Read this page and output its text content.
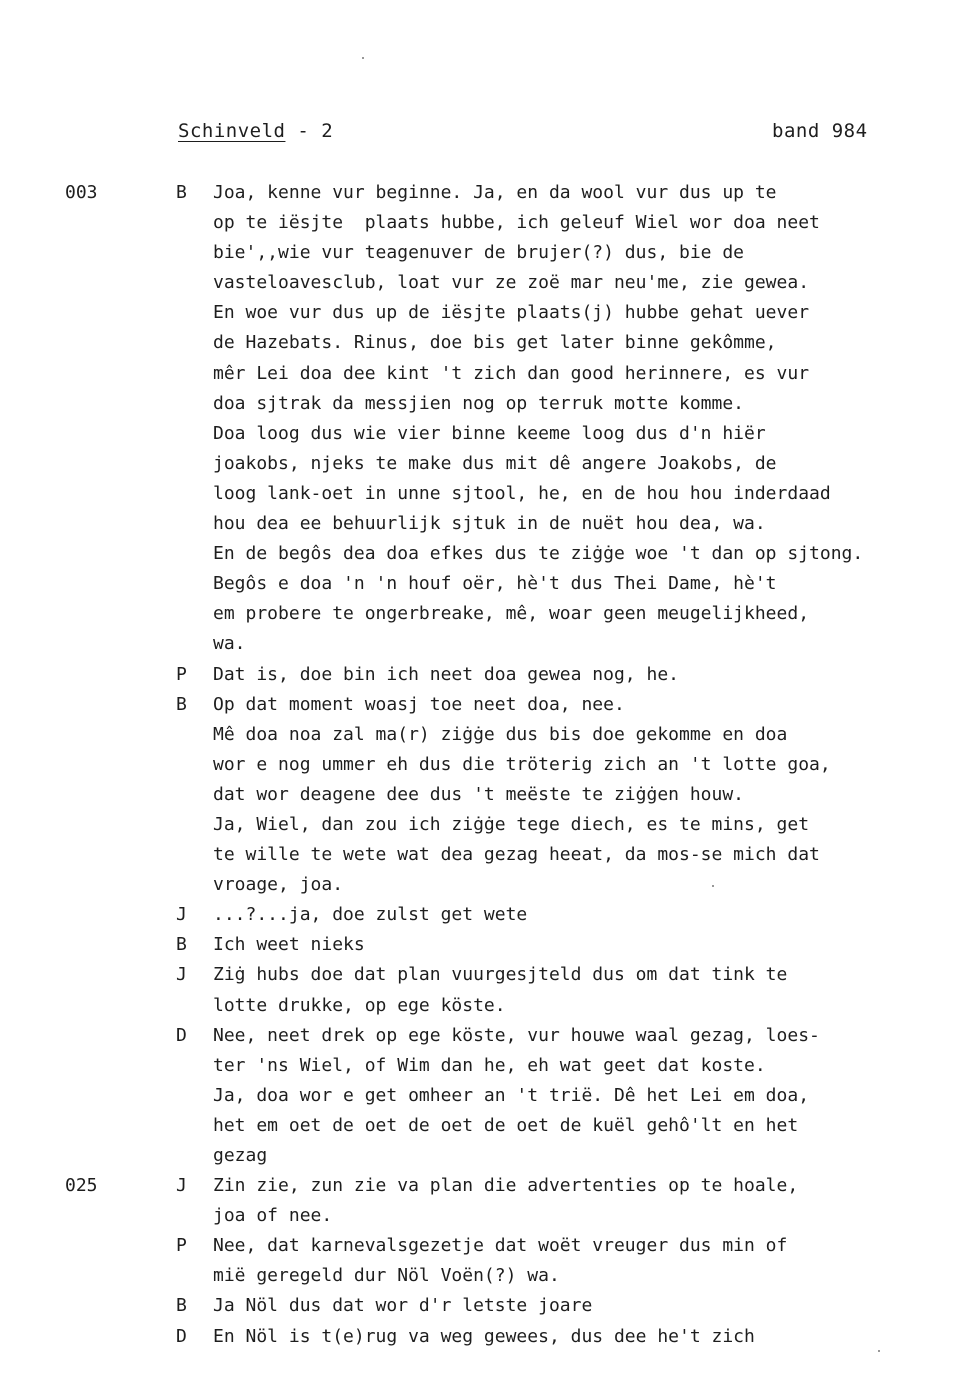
Schinveld - 2	band 984
003	B	Joa, kenne vur beginne. Ja, en da wool vur dus up te
op te iësjte  plaats hubbe, ich geleuf Wiel wor doa neet
bie',,wie vur teagenuver de brujer(?) dus, bie de
vasteloavesclub, loat vur ze zoë mar neu'me, zie gewea.
En woe vur dus up de iësjte plaats(j) hubbe gehat uever
de Hazebats. Rinus, doe bis get later binne gekômme,
mêr Lei doa dee kint 't zich dan good herinnere, es vur
doa sjtrak da messjien nog op terruk motte komme.
Doa loog dus wie vier binne keeme loog dus d'n hiër
joakobs, njeks te make dus mit dê angere Joakobs, de
loog lank-oet in unne sjtool, he, en de hou hou inderdaad
hou dea ee behuurlijk sjtuk in de nuët hou dea, wa.
En de begôs dea doa efkes dus te ziġġe woe 't dan op sjtong.
Begôs e doa 'n 'n houf oër, hè't dus Thei Dame, hè't
em probere te ongerbreake, mê, woar geen meugelijkheed,
wa.
P	Dat is, doe bin ich neet doa gewea nog, he.
B	Op dat moment woasj toe neet doa, nee.
Mê doa noa zal ma(r) ziġġe dus bis doe gekomme en doa
wor e nog ummer eh dus die tröterig zich an 't lotte goa,
dat wor deagene dee dus 't meëste te ziġġen houw.
Ja, Wiel, dan zou ich ziġġe tege diech, es te mins, get
te wille te wete wat dea gezag heeat, da mos-se mich dat
vroage, joa.
J	...?...ja, doe zulst get wete
B	Ich weet nieks
J	Ziġ hubs doe dat plan vuurgesjteld dus om dat tink te
lotte drukke, op ege köste.
D	Nee, neet drek op ege köste, vur houwe waal gezag, loes-
ter 'ns Wiel, of Wim dan he, eh wat geet dat koste.
Ja, doa wor e get omheer an 't trië. Dê het Lei em doa,
het em oet de oet de oet de oet de kuël gehô'lt en het
gezag
025	J	Zin zie, zun zie va plan die advertenties op te hoale,
joa of nee.
P	Nee, dat karnevalsgezetje dat woët vreuger dus min of
mië geregeld dur Nöl Voën(?) wa.
B	Ja Nöl dus dat wor d'r letste joare
D	En Nöl is t(e)rug va weg gewees, dus dee he't zich
